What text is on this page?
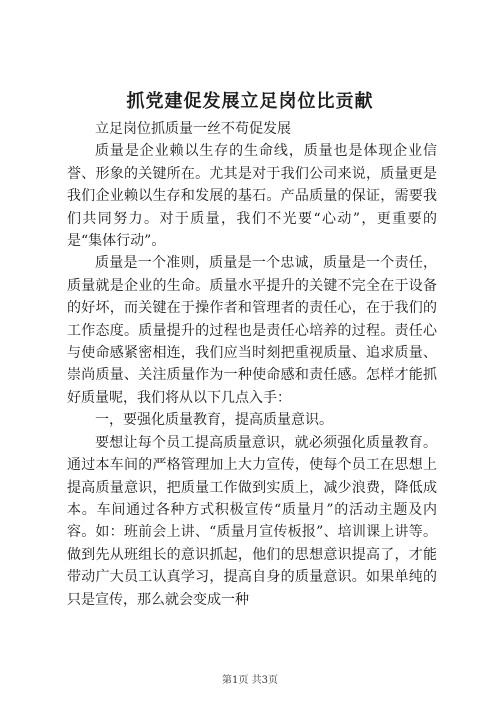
抓党建促发展立足岗位比贡献

立足岗位抓质量一丝不苟促发展

质量是企业赖以生存的生命线，质量也是体现企业信誉、形象的关键所在。尤其是对于我们公司来说，质量更是我们企业赖以生存和发展的基石。产品质量的保证，需要我们共同努力。对于质量，我们不光要“心动”，更重要的是“集体行动”。

质量是一个准则，质量是一个忠诚，质量是一个责任，质量就是企业的生命。质量水平提升的关键不完全在于设备的好坏，而关键在于操作者和管理者的责任心，在于我们的工作态度。质量提升的过程也是责任心培养的过程。责任心与使命感紧密相连，我们应当时刻把重视质量、追求质量、崇尚质量、关注质量作为一种使命感和责任感。怎样才能抓好质量呢，我们将从以下几点入手：

一，要强化质量教育，提高质量意识。

要想让每个员工提高质量意识，就必须强化质量教育。通过本车间的严格管理加上大力宣传，使每个员工在思想上提高质量意识，把质量工作做到实质上，减少浪费，降低成本。车间通过各种方式积极宣传“质量月”的活动主题及内容。如：班前会上讲、“质量月宣传板报”、培训课上讲等。做到先从班组长的意识抓起，他们的思想意识提高了，才能带动广大员工认真学习，提高自身的质量意识。如果单纯的只是宣传，那么就会变成一种

第1页 共3页
